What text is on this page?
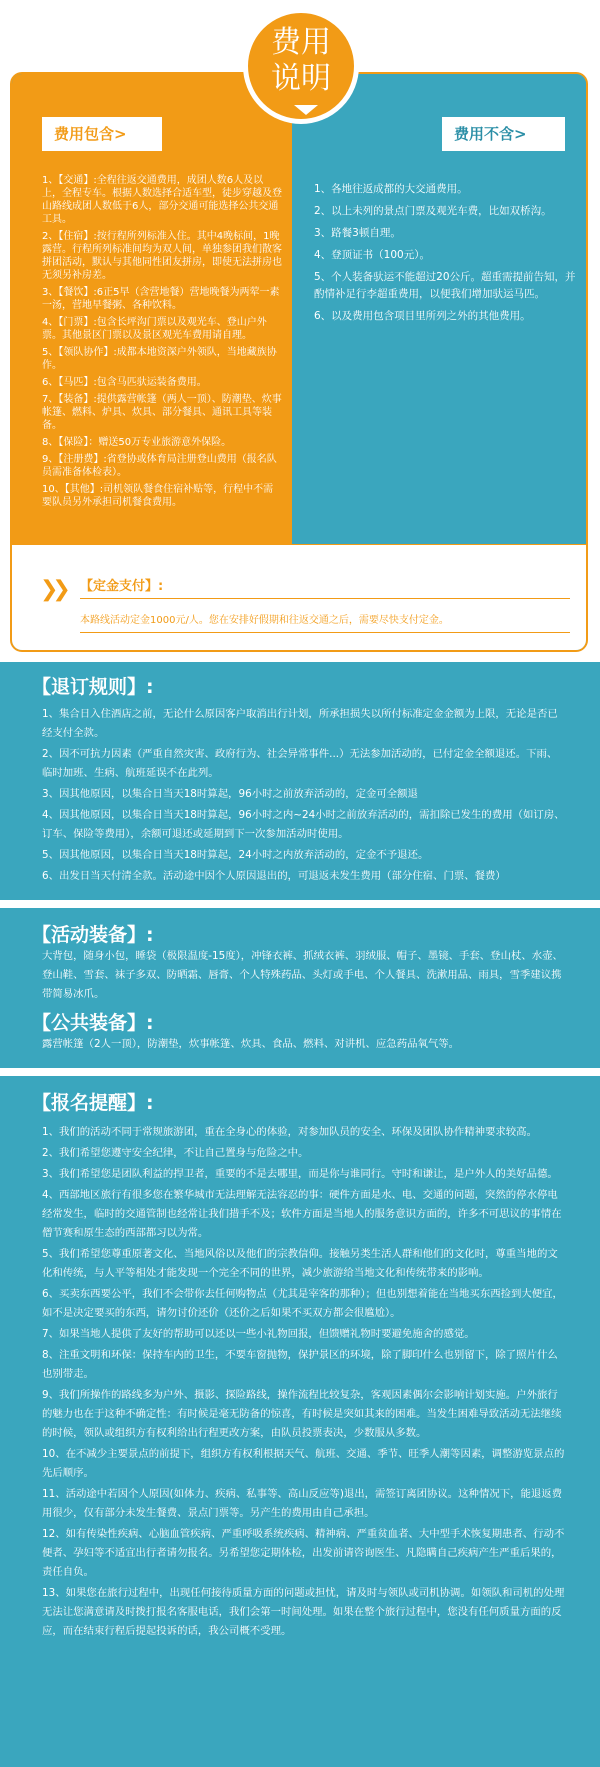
费用包含>
1、【交通】:全程往返交通费用，成团人数6人及以上，全程专车。根据人数选择合适车型，徒步穿越及登山路线成团人数低于6人，部分交通可能选择公共交通工具。
2、【住宿】:按行程所列标准入住。其中4晚标间，1晚露营。行程所列标准间均为双人间，单独参团我们散客拼团活动，默认与其他同性团友拼房，即使无法拼房也无须另补房差。
3、【餐饮】:6正5早（含营地餐）营地晚餐为两荤一素一汤，营地早餐粥、各种饮料。
4、【门票】:包含长坪沟门票以及观光车、登山户外票。其他景区门票以及景区观光车费用请自理。
5、【领队协作】:成都本地资深户外领队，当地藏族协作。
6、【马匹】:包含马匹驮运装备费用。
7、【装备】:提供露营帐篷（两人一顶）、防潮垫、炊事帐篷、燃料、炉具、炊具、部分餐具、通讯工具等装备。
8、【保险】：赠送50万专业旅游意外保险。
9、【注册费】:省登协或体育局注册登山费用（报名队员需准备体检表）。
10、【其他】:司机领队餐食住宿补贴等，行程中不需要队员另外承担司机餐食费用。
费用不含>
1、各地往返成都的大交通费用。
2、以上未列的景点门票及观光车费，比如双桥沟。
3、路餐3顿自理。
4、登顶证书（100元）。
5、个人装备驮运不能超过20公斤。超重需提前告知，并酌情补足行李超重费用，以便我们增加驮运马匹。
6、以及费用包含项目里所列之外的其他费用。
❯❯ 【定金支付】:
本路线活动定金1000元/人。您在安排好假期和往返交通之后，需要尽快支付定金。
费用
说明
【退订规则】:
1、集合日入住酒店之前，无论什么原因客户取消出行计划，所承担损失以所付标准定金金额为上限，无论是否已经支付全款。
2、因不可抗力因素（严重自然灾害、政府行为、社会异常事件...）无法参加活动的，已付定金全额退还。下雨、临时加班、生病、航班延误不在此列。
3、因其他原因，以集合日当天18时算起，96小时之前放弃活动的，定金可全额退
4、因其他原因，以集合日当天18时算起，96小时之内~24小时之前放弃活动的，需扣除已发生的费用（如订房、订车、保险等费用），余额可退还或延期到下一次参加活动时使用。
5、因其他原因，以集合日当天18时算起，24小时之内放弃活动的，定金不予退还。
6、出发日当天付清全款。活动途中因个人原因退出的，可退返未发生费用（部分住宿、门票、餐费）
【活动装备】:

大背包，随身小包，睡袋（极限温度-15度），冲锋衣裤、抓绒衣裤、羽绒服、帽子、墨镜、手套、登山杖、水壶、登山鞋、雪套、袜子多双、防晒霜、唇膏、个人特殊药品、头灯或手电、个人餐具、洗漱用品、雨具，雪季建议携带简易冰爪。

【公共装备】:

露营帐篷（2人一顶），防潮垫，炊事帐篷、炊具、食品、燃料、对讲机、应急药品氧气等。

【报名提醒】:
1、我们的活动不同于常规旅游团，重在全身心的体验，对参加队员的安全、环保及团队协作精神要求较高。
2、我们希望您遵守安全纪律，不让自己置身与危险之中。
3、我们希望您是团队利益的捍卫者，重要的不是去哪里，而是你与谁同行。守时和谦让，是户外人的美好品德。
4、西部地区旅行有很多您在繁华城市无法理解无法容忍的事：硬件方面是水、电、交通的问题，突然的停水停电经常发生，临时的交通管制也经常让我们措手不及；软件方面是当地人的服务意识方面的，许多不可思议的事情在僧节赛和原生态的西部都习以为常。
5、我们希望您尊重原著文化、当地风俗以及他们的宗教信仰。接触另类生活人群和他们的文化时，尊重当地的文化和传统，与人平等相处才能发现一个完全不同的世界，减少旅游给当地文化和传统带来的影响。
6、买卖东西要公平，我们不会带你去任何购物点（尤其是宰客的那种）；但也别想着能在当地买东西捡到大便宜，如不是决定要买的东西，请勿讨价还价（还价之后如果不买双方都会很尴尬）。
7、如果当地人提供了友好的帮助可以还以一些小礼物回报，但馈赠礼物时要避免施舍的感觉。
8、注重文明和环保：保持车内的卫生，不要车窗抛物，保护景区的环境，除了脚印什么也别留下，除了照片什么也别带走。
9、我们所操作的路线多为户外、摄影、探险路线，操作流程比较复杂，客观因素偶尔会影响计划实施。户外旅行的魅力也在于这种不确定性：有时候是毫无防备的惊喜，有时候是突如其来的困难。当发生困难导致活动无法继续的时候，领队或组织方有权利给出行程更改方案，由队员投票表决，少数服从多数。
10、在不减少主要景点的前提下，组织方有权利根据天气、航班、交通、季节、旺季人潮等因素，调整游览景点的先后顺序。
11、活动途中若因个人原因(如体力、疾病、私事等、高山反应等)退出，需签订离团协议。这种情况下，能退返费用很少，仅有部分未发生餐费、景点门票等。另产生的费用由自己承担。
12、如有传染性疾病、心脑血管疾病、严重呼吸系统疾病、精神病、严重贫血者、大中型手术恢复期患者、行动不便者、孕妇等不适宜出行者请勿报名。另希望您定期体检，出发前请咨询医生、凡隐瞒自己疾病产生严重后果的，责任自负。
13、如果您在旅行过程中，出现任何接待质量方面的问题或担忧，请及时与领队或司机协调。如领队和司机的处理无法让您满意请及时拨打报名客服电话，我们会第一时间处理。如果在整个旅行过程中，您没有任何质量方面的反应，而在结束行程后提起投诉的话，我公司概不受理。
